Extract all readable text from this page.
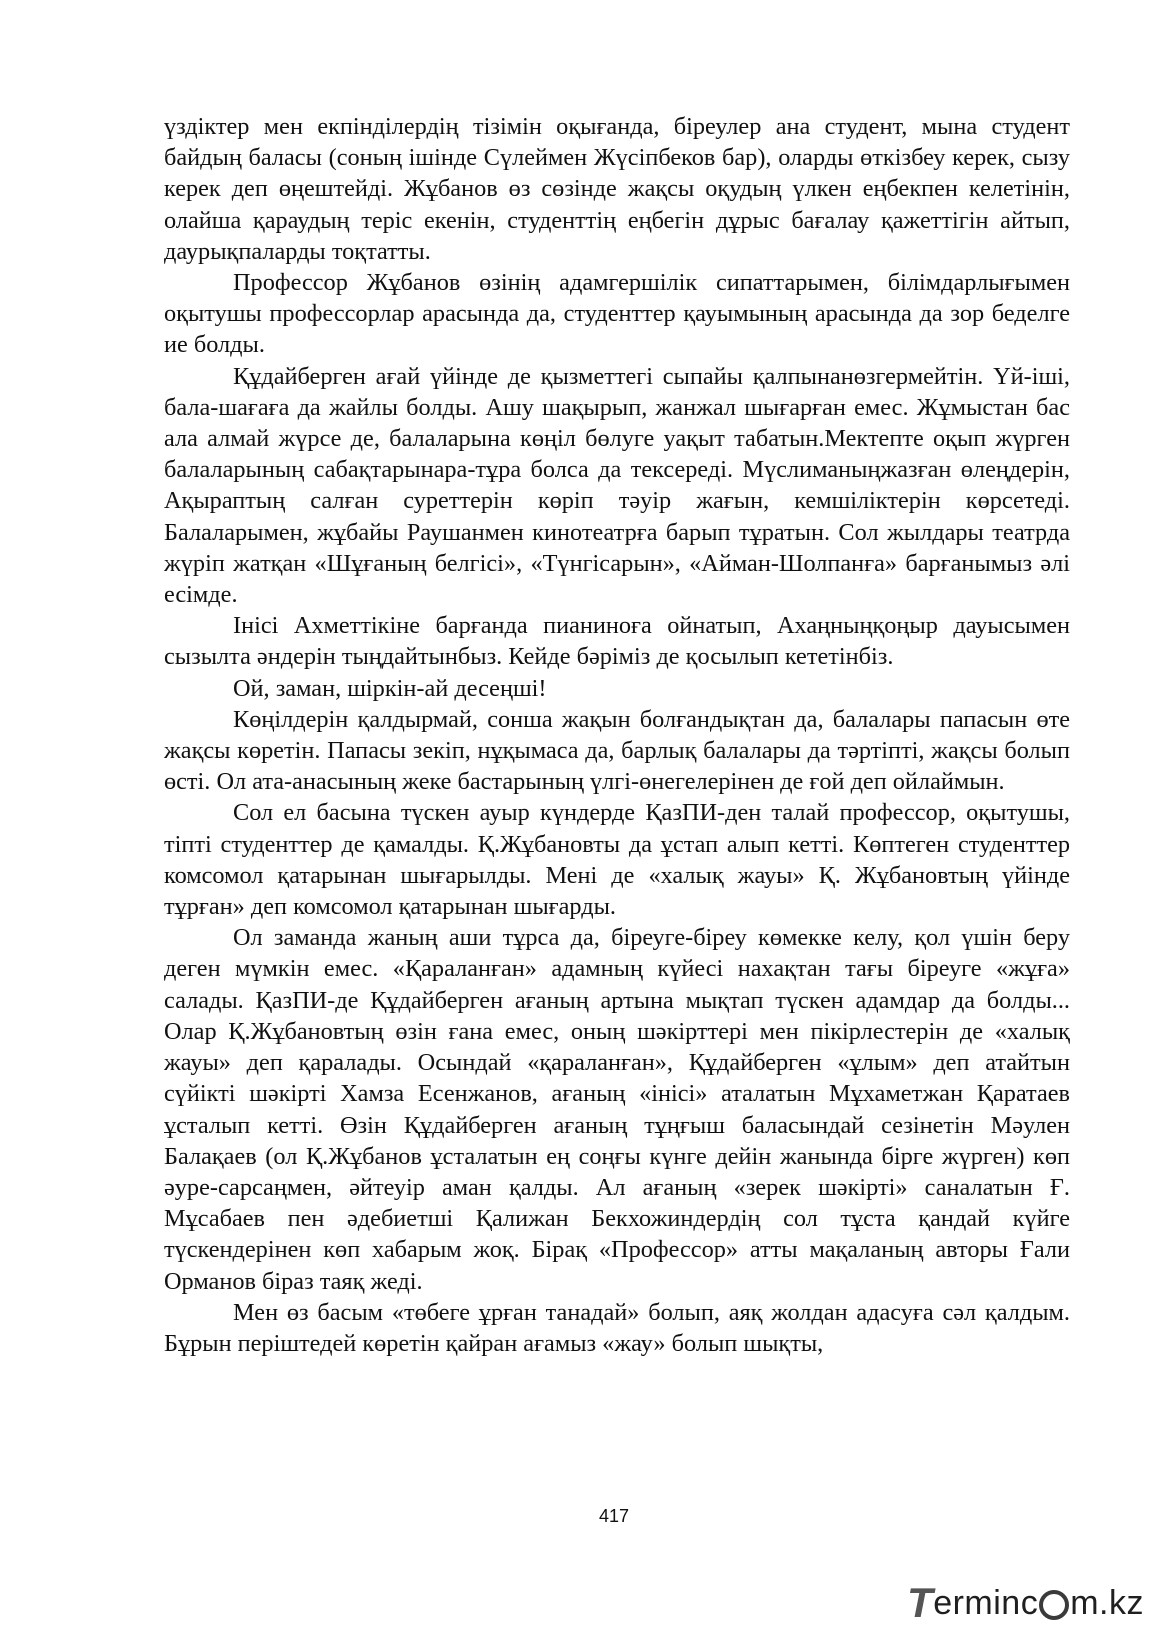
үздіктер мен екпінділердің тізімін оқығанда, біреулер ана студент, мына студент байдың баласы (соның ішінде Сүлеймен Жүсіпбеков бар), оларды өткізбеу керек, сызу керек деп өңештейді. Жұбанов өз сөзінде жақсы оқудың үлкен еңбекпен келетінін, олайша қараудың теріс екенін, студенттің еңбегін дұрыс бағалау қажеттігін айтып, даурықпаларды тоқтатты.

Профессор Жұбанов өзінің адамгершілік сипаттарымен, білімдарлығымен оқытушы профессорлар арасында да, студенттер қауымының арасында да зор беделге ие болды.

Құдайберген ағай үйінде де қызметтегі сыпайы қалпынанөзгермейтін. Үй-іші, бала-шағаға да жайлы болды. Ашу шақырып, жанжал шығарған емес. Жұмыстан бас ала алмай жүрсе де, балаларына көңіл бөлуге уақыт табатын.Мектепте оқып жүрген балаларының сабақтарынара-тұра болса да тексереді. Мүслиманыңжазған өлеңдерін, Ақыраптың салған суреттерін көріп тәуір жағын, кемшіліктерін көрсетеді. Балаларымен, жұбайы Раушанмен кинотеатрға барып тұратын. Сол жылдары театрда жүріп жатқан «Шұғаның белгісі», «Түнгісарын», «Айман-Шолпанға» барғанымыз әлі есімде.

Інісі Ахметтікіне барғанда пианиноға ойнатып, Ахаңныңқоңыр дауысымен сызылта әндерін тыңдайтынбыз. Кейде бәріміз де қосылып кететінбіз.

Ой, заман, шіркін-ай десеңші!

Көңілдерін қалдырмай, сонша жақын болғандықтан да, балалары папасын өте жақсы көретін. Папасы зекіп, нұқымаса да, барлық балалары да тәртіпті, жақсы болып өсті. Ол ата-анасының жеке бастарының үлгі-өнегелерінен де ғой деп ойлаймын.

Сол ел басына түскен ауыр күндерде ҚазПИ-ден талай профессор, оқытушы, тіпті студенттер де қамалды. Қ.Жұбановты да ұстап алып кетті. Көптеген студенттер комсомол қатарынан шығарылды. Мені де «халық жауы» Қ. Жұбановтың үйінде тұрған» деп комсомол қатарынан шығарды.

Ол заманда жаның аши тұрса да, біреуге-біреу көмекке келу, қол үшін беру деген мүмкін емес. «Қараланған» адамның күйесі нахақтан тағы біреуге «жұға» салады. ҚазПИ-де Құдайберген ағаның артына мықтап түскен адамдар да болды... Олар Қ.Жұбановтың өзін ғана емес, оның шәкірттері мен пікірлестерін де «халық жауы» деп қаралады. Осындай «қараланған», Құдайберген «ұлым» деп атайтын сүйікті шәкірті Хамза Есенжанов, ағаның «інісі» аталатын Мұхаметжан Қаратаев ұсталып кетті. Өзін Құдайберген ағаның тұңғыш баласындай сезінетін Мәулен Балақаев (ол Қ.Жұбанов ұсталатын ең соңғы күнге дейін жанында бірге жүрген) көп әуре-сарсаңмен, әйтеуір аман қалды. Ал ағаның «зерек шәкірті» саналатын Ғ. Мұсабаев пен әдебиетші Қалижан Бекхожиндердің сол тұста қандай күйге түскендерінен көп хабарым жоқ. Бірақ «Профессор» атты мақаланың авторы Ғали Орманов біраз таяқ жеді.

Мен өз басым «төбеге ұрған танадай» болып, аяқ жолдан адасуға сәл қалдым. Бұрын періштедей көретін қайран ағамыз «жау» болып шықты,

417
T ermin c m.kz
